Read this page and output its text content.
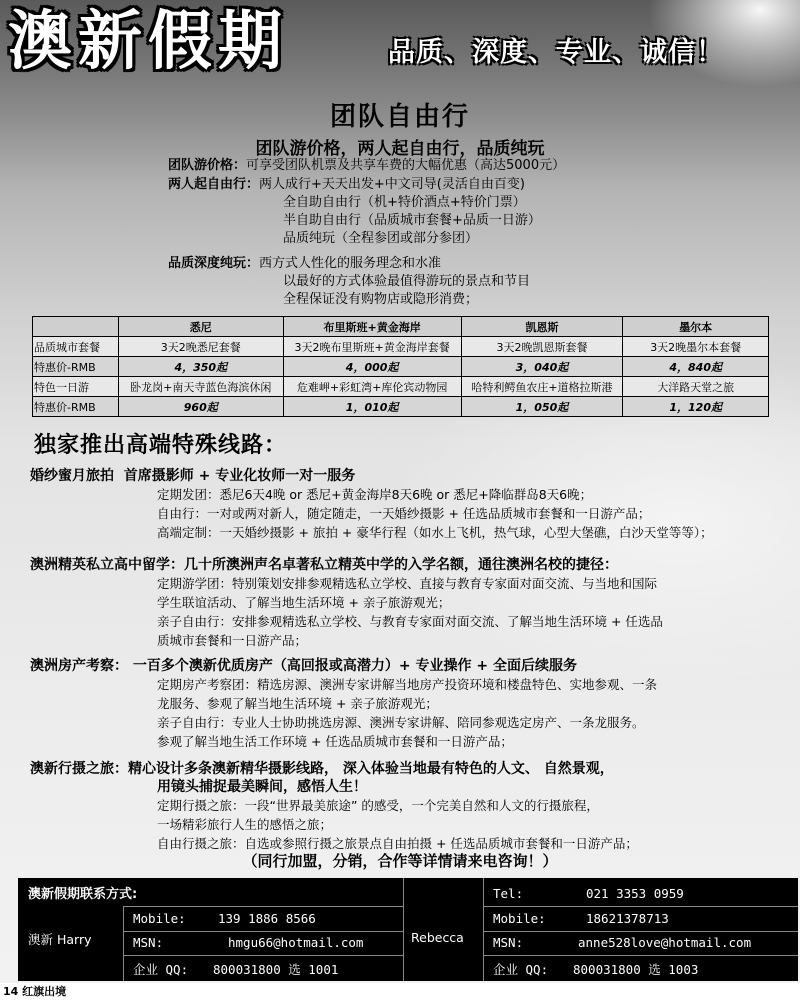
澳新假期	品质、深度、专业、诚信！
团队自由行
团队游价格，两人起自由行，品质纯玩
团队游价格：可享受团队机票及共享车费的大幅优惠（高达5000元）
两人起自由行：两人成行+天天出发+中文司导(灵活自由百变)
全自助自由行（机+特价酒点+特价门票）
半自助自由行（品质城市套餐+品质一日游）
品质纯玩（全程参团或部分参团）
品质深度纯玩：西方式人性化的服务理念和水准
以最好的方式体验最值得游玩的景点和节目
全程保证没有购物店或隐形消费；
	悉尼	布里斯班+黄金海岸	凯恩斯	墨尔本
品质城市套餐	3天2晚悉尼套餐	3天2晚布里斯班+黄金海岸套餐	3天2晚凯恩斯套餐	3天2晚墨尔本套餐
特惠价-RMB	4，350起	4，000起	3，040起	4，840起
特色一日游	卧龙岗+南天寺蓝色海滨休闲	危难岬+彩虹湾+库伦宾动物园	哈特利鳄鱼农庄+道格拉斯港	大洋路天堂之旅
特惠价-RMB	960起	1，010起	1，050起	1，120起
独家推出高端特殊线路：
婚纱蜜月旅拍 首席摄影师 + 专业化妆师一对一服务
定期发团：悉尼6天4晚 or 悉尼+黄金海岸8天6晚 or 悉尼+降临群岛8天6晚；
自由行：一对或两对新人，随定随走，一天婚纱摄影 + 任选品质城市套餐和一日游产品；
高端定制：一天婚纱摄影 + 旅拍 + 豪华行程（如水上飞机，热气球，心型大堡礁，白沙天堂等等）；
澳洲精英私立高中留学：几十所澳洲声名卓著私立精英中学的入学名额，通往澳洲名校的捷径：
定期游学团：特别策划安排参观精选私立学校、直接与教育专家面对面交流、与当地和国际
学生联谊活动、了解当地生活环境 + 亲子旅游观光；
亲子自由行：安排参观精选私立学校、与教育专家面对面交流、了解当地生活环境 + 任选品
质城市套餐和一日游产品；
澳洲房产考察： 一百多个澳新优质房产（高回报或高潜力）+ 专业操作 + 全面后续服务
定期房产考察团：精选房源、澳洲专家讲解当地房产投资环境和楼盘特色、实地参观、一条
龙服务、参观了解当地生活环境 + 亲子旅游观光；
亲子自由行：专业人士协助挑选房源、澳洲专家讲解、陪同参观选定房产、一条龙服务。
参观了解当地生活工作环境 + 任选品质城市套餐和一日游产品；
澳新行摄之旅：精心设计多条澳新精华摄影线路， 深入体验当地最有特色的人文、 自然景观，
用镜头捕捉最美瞬间，感悟人生！
定期行摄之旅：一段“世界最美旅途” 的感受，一个完美自然和人文的行摄旅程，
一场精彩旅行人生的感悟之旅；
自由行摄之旅：自选或参照行摄之旅景点自由拍摄 + 任选品质城市套餐和一日游产品；
（同行加盟，分销，合作等详情请来电咨询！）
澳新假期联系方式:
澳新 Harry
Mobile:	139 1886 8566
MSN:	hmgu66@hotmail.com
企业 QQ: 800031800 选 1001
Rebecca
Tel:	021 3353 0959
Mobile:	18621378713
MSN:	anne528love@hotmail.com
企业 QQ: 800031800 选 1003
14 红旗出境
